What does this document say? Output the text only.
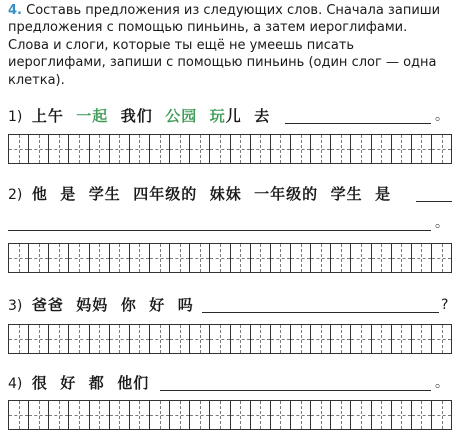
4. Составь предложения из следующих слов. Сначала запиши предложения с помощью пиньинь, а затем иероглифами. Слова и слоги, которые ты ещё не умеешь писать иероглифами, запиши с помощью пиньинь (один слог — одна клетка).
1) 上午 一起 我们 公园 玩儿 去	。
2) 他 是 学生 四年级的 妹妹 一年级的 学生 是
。
3) 爸爸 妈妈 你 好 吗	?
4) 很 好 都 他们	。
